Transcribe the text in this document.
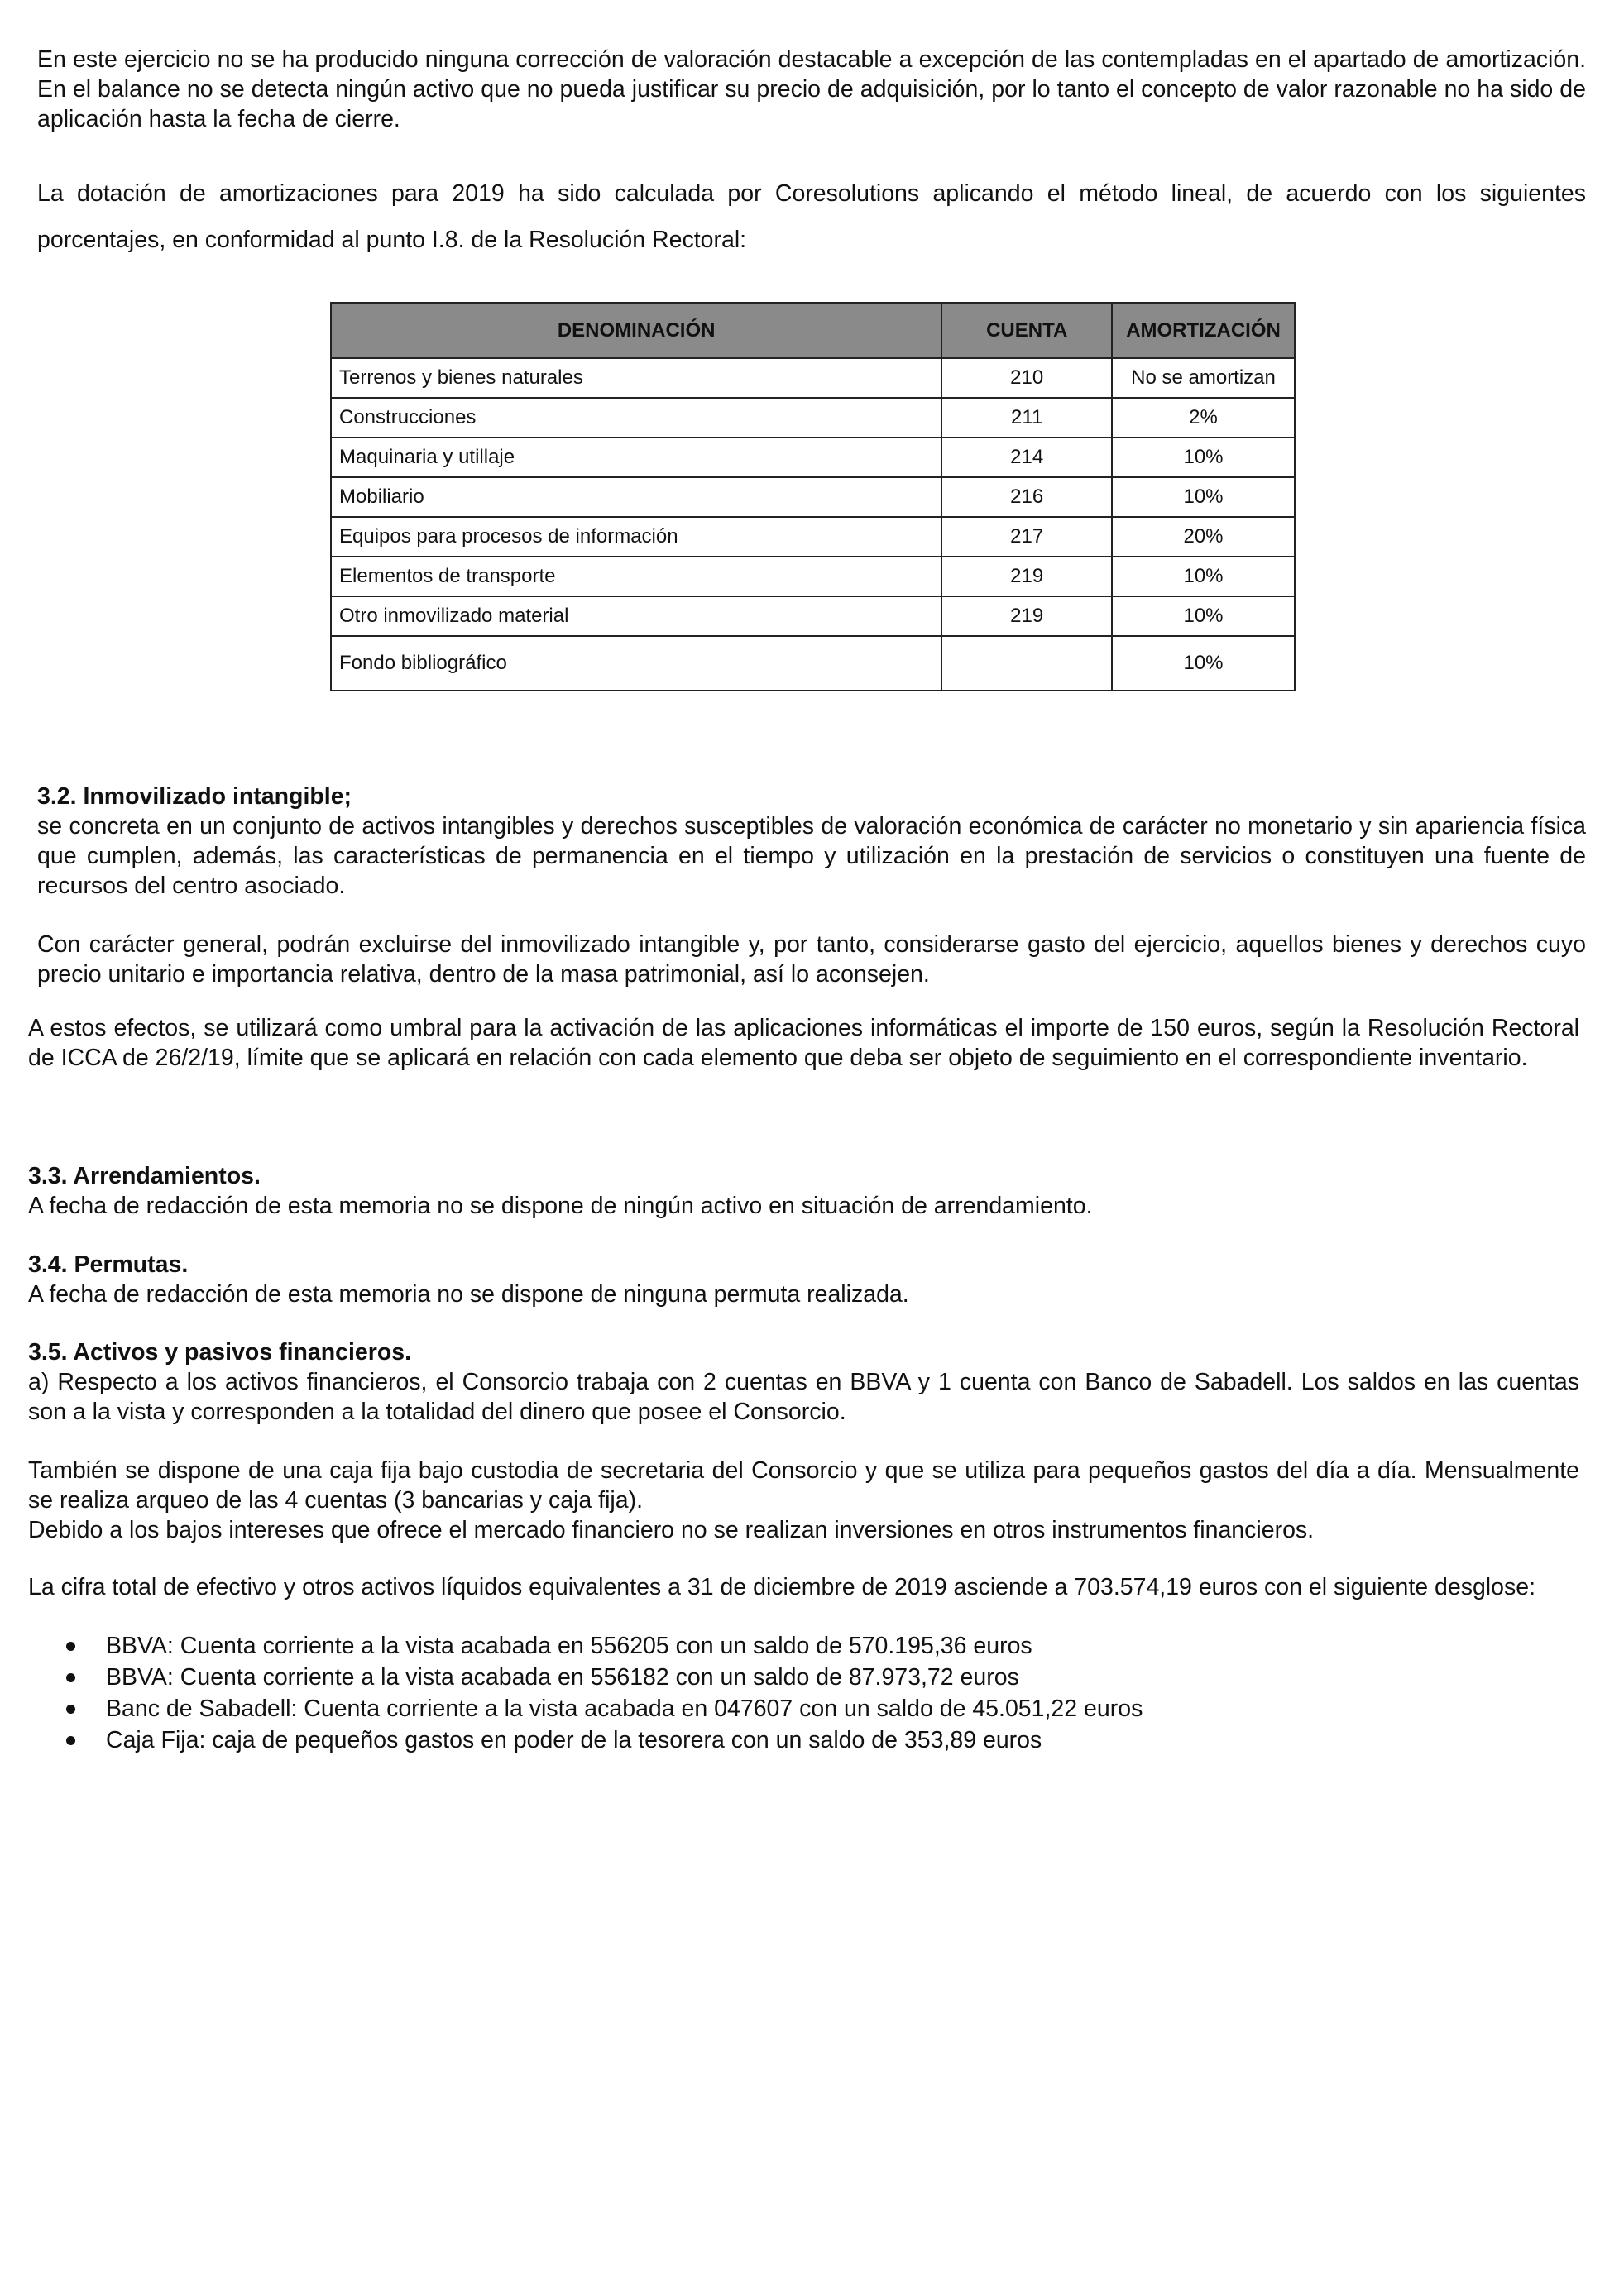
En este ejercicio no se ha producido ninguna corrección de valoración destacable a excepción de las contempladas en el apartado de amortización. En el balance no se detecta ningún activo que no pueda justificar su precio de adquisición, por lo tanto el concepto de valor razonable no ha sido de aplicación hasta la fecha de cierre.

La dotación de amortizaciones para 2019 ha sido calculada por Coresolutions aplicando el método lineal, de acuerdo con los siguientes porcentajes, en conformidad al punto I.8. de la Resolución Rectoral:

DENOMINACIÓN	CUENTA	AMORTIZACIÓN
Terrenos y bienes naturales	210	No se amortizan
Construcciones	211	2%
Maquinaria y utillaje	214	10%
Mobiliario	216	10%
Equipos para procesos de información	217	20%
Elementos de transporte	219	10%
Otro inmovilizado material	219	10%
Fondo bibliográfico		10%
3.2. Inmovilizado intangible;
se concreta en un conjunto de activos intangibles y derechos susceptibles de valoración económica de carácter no monetario y sin apariencia física que cumplen, además, las características de permanencia en el tiempo y utilización en la prestación de servicios o constituyen una fuente de recursos del centro asociado.

Con carácter general, podrán excluirse del inmovilizado intangible y, por tanto, considerarse gasto del ejercicio, aquellos bienes y derechos cuyo precio unitario e importancia relativa, dentro de la masa patrimonial, así lo aconsejen.

A estos efectos, se utilizará como umbral para la activación de las aplicaciones informáticas el importe de 150 euros, según la Resolución Rectoral de ICCA de 26/2/19, límite que se aplicará en relación con cada elemento que deba ser objeto de seguimiento en el correspondiente inventario.

3.3. Arrendamientos.
A fecha de redacción de esta memoria no se dispone de ningún activo en situación de arrendamiento.
3.4. Permutas.
A fecha de redacción de esta memoria no se dispone de ninguna permuta realizada.
3.5. Activos y pasivos financieros.
a) Respecto a los activos financieros, el Consorcio trabaja con 2 cuentas en BBVA y 1 cuenta con Banco de Sabadell. Los saldos en las cuentas son a la vista y corresponden a la totalidad del dinero que posee el Consorcio.
También se dispone de una caja fija bajo custodia de secretaria del Consorcio y que se utiliza para pequeños gastos del día a día. Mensualmente se realiza arqueo de las 4 cuentas (3 bancarias y caja fija).
Debido a los bajos intereses que ofrece el mercado financiero no se realizan inversiones en otros instrumentos financieros.

La cifra total de efectivo y otros activos líquidos equivalentes a 31 de diciembre de 2019 asciende a 703.574,19 euros con el siguiente desglose:

BBVA: Cuenta corriente a la vista acabada en 556205 con un saldo de 570.195,36 euros
BBVA: Cuenta corriente a la vista acabada en 556182 con un saldo de 87.973,72 euros
Banc de Sabadell: Cuenta corriente a la vista acabada en 047607 con un saldo de 45.051,22 euros
Caja Fija: caja de pequeños gastos en poder de la tesorera con un saldo de 353,89 euros
